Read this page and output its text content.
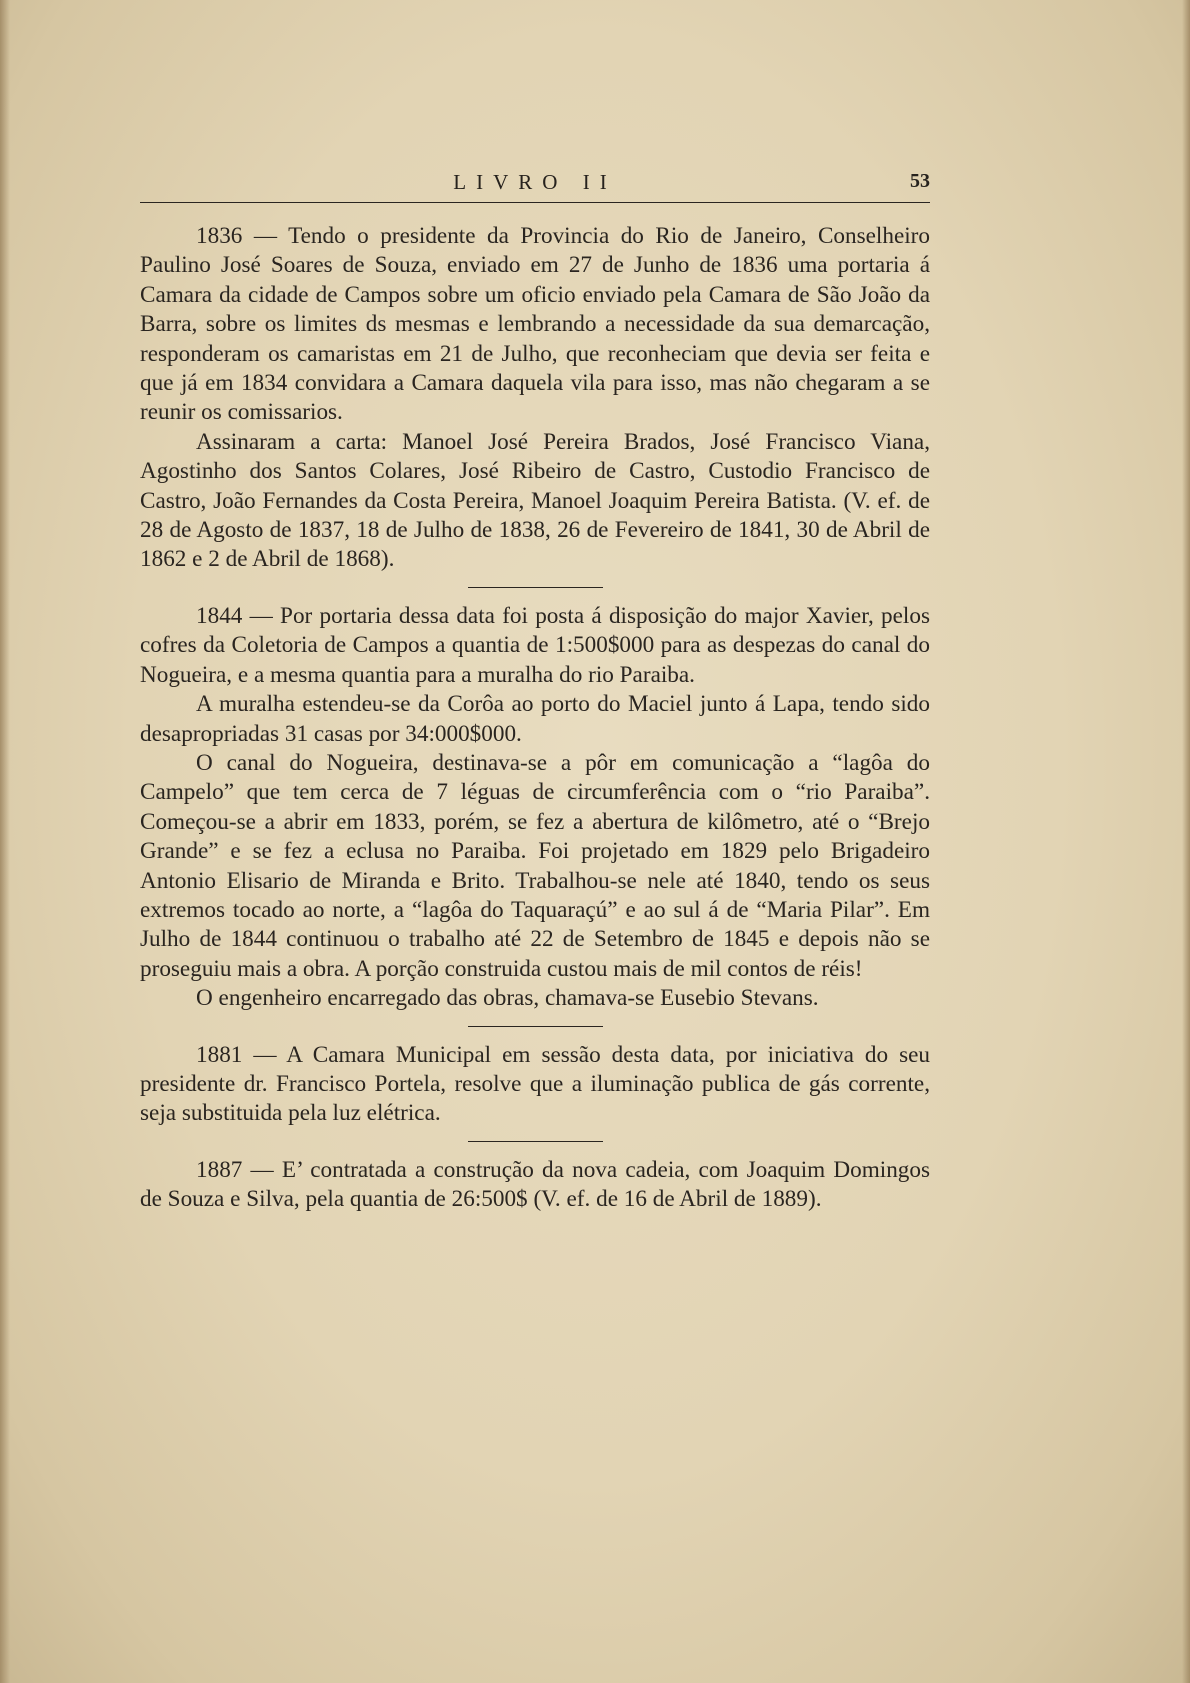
LIVRO II	53

1836 — Tendo o presidente da Provincia do Rio de Janeiro, Conselheiro Paulino José Soares de Souza, enviado em 27 de Junho de 1836 uma portaria á Camara da cidade de Campos sobre um oficio enviado pela Camara de São João da Barra, sobre os limites ds mesmas e lembrando a necessidade da sua demarcação, responderam os camaristas em 21 de Julho, que reconheciam que devia ser feita e que já em 1834 convidara a Camara daquela vila para isso, mas não chegaram a se reunir os comissarios.

Assinaram a carta: Manoel José Pereira Brados, José Francisco Viana, Agostinho dos Santos Colares, José Ribeiro de Castro, Custodio Francisco de Castro, João Fernandes da Costa Pereira, Manoel Joaquim Pereira Batista. (V. ef. de 28 de Agosto de 1837, 18 de Julho de 1838, 26 de Fevereiro de 1841, 30 de Abril de 1862 e 2 de Abril de 1868).

1844 — Por portaria dessa data foi posta á disposição do major Xavier, pelos cofres da Coletoria de Campos a quantia de 1:500$000 para as despezas do canal do Nogueira, e a mesma quantia para a muralha do rio Paraiba.

A muralha estendeu-se da Corôa ao porto do Maciel junto á Lapa, tendo sido desapropriadas 31 casas por 34:000$000.

O canal do Nogueira, destinava-se a pôr em comunicação a “lagôa do Campelo” que tem cerca de 7 léguas de circumferência com o “rio Paraiba”. Começou-se a abrir em 1833, porém, se fez a abertura de kilômetro, até o “Brejo Grande” e se fez a eclusa no Paraiba. Foi projetado em 1829 pelo Brigadeiro Antonio Elisario de Miranda e Brito. Trabalhou-se nele até 1840, tendo os seus extremos tocado ao norte, a “lagôa do Taquaraçú” e ao sul á de “Maria Pilar”. Em Julho de 1844 continuou o trabalho até 22 de Setembro de 1845 e depois não se proseguiu mais a obra. A porção construida custou mais de mil contos de réis!

O engenheiro encarregado das obras, chamava-se Eusebio Stevans.

1881 — A Camara Municipal em sessão desta data, por iniciativa do seu presidente dr. Francisco Portela, resolve que a iluminação publica de gás corrente, seja substituida pela luz elétrica.

1887 — E’ contratada a construção da nova cadeia, com Joaquim Domingos de Souza e Silva, pela quantia de 26:500$ (V. ef. de 16 de Abril de 1889).
